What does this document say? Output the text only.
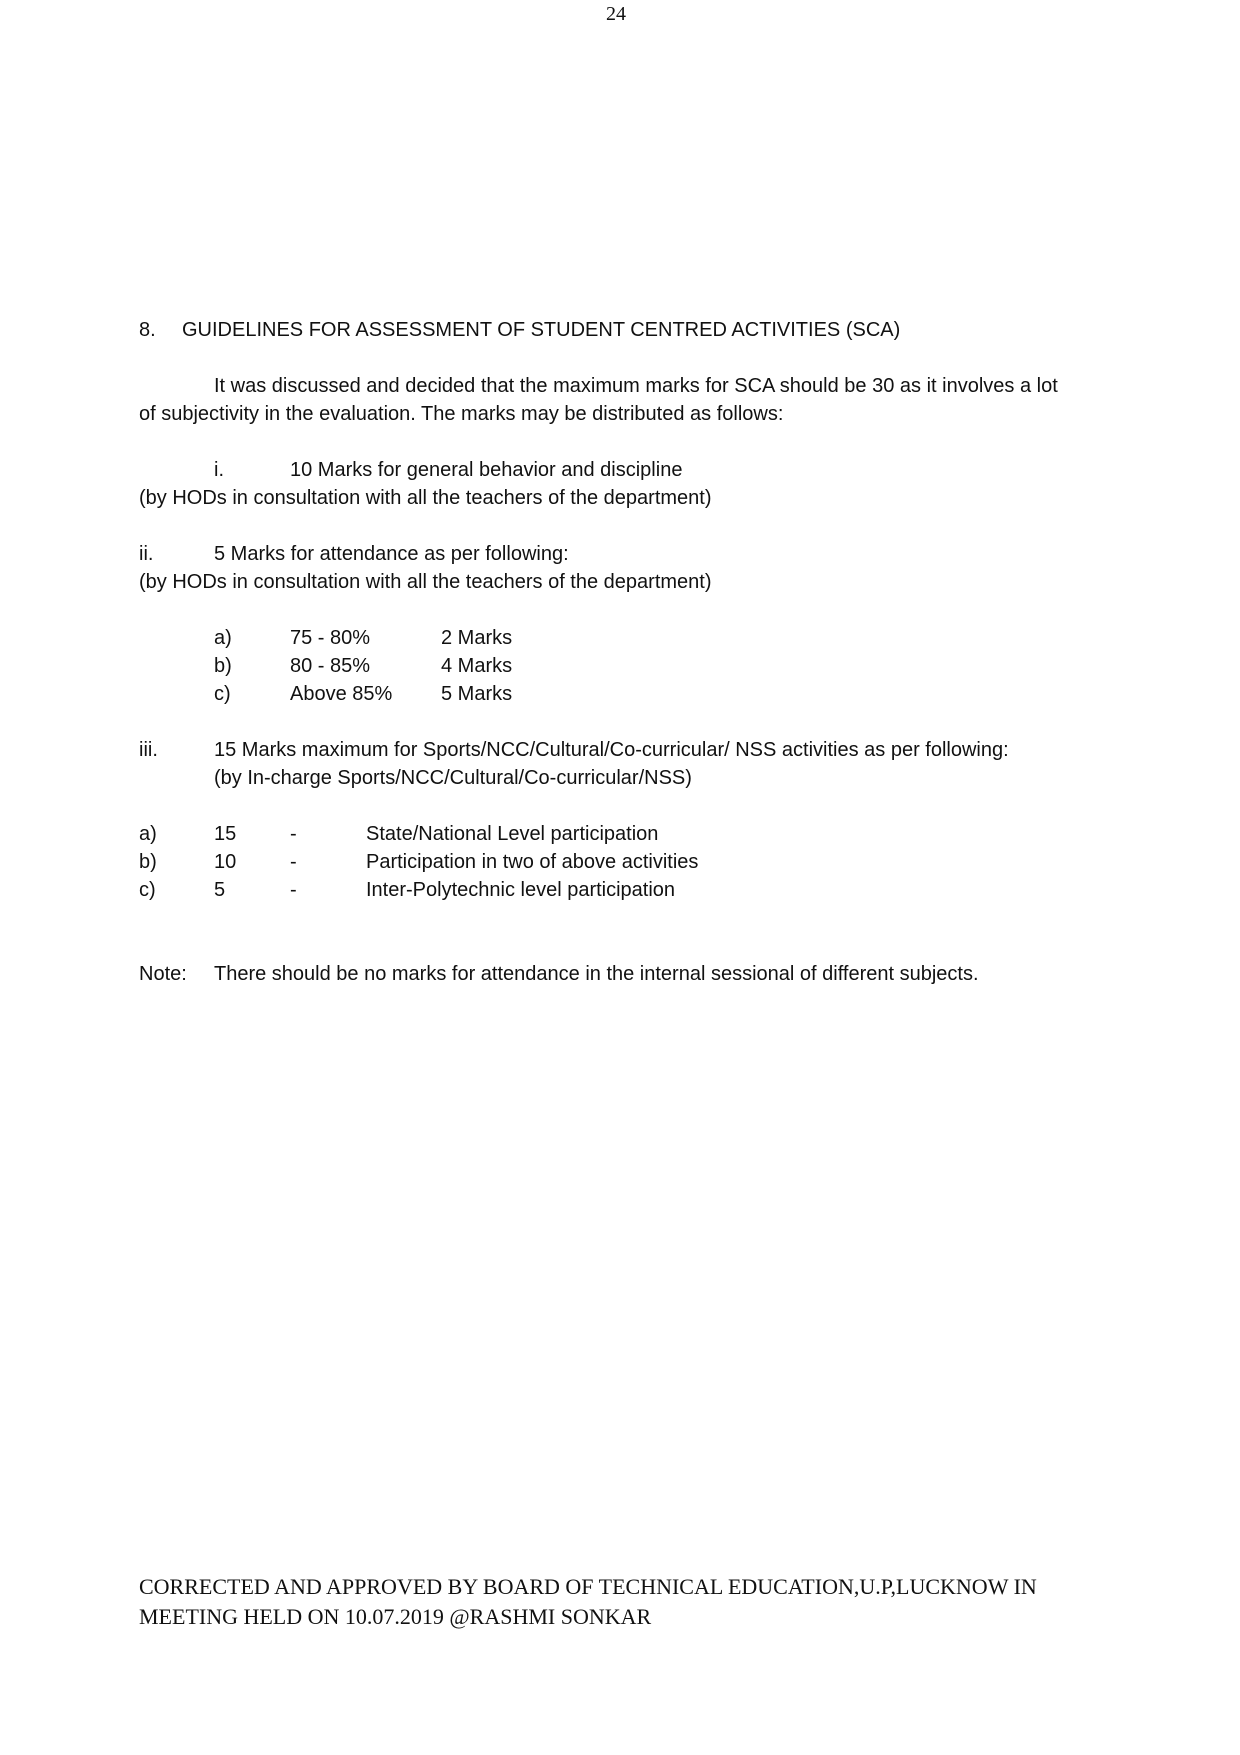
24
8. GUIDELINES FOR ASSESSMENT OF STUDENT CENTRED ACTIVITIES (SCA)
It was discussed and decided that the maximum marks for SCA should be 30 as it involves a lot
of subjectivity in the evaluation. The marks may be distributed as follows:
i.	10 Marks for general behavior and discipline
(by HODs in consultation with all the teachers of the department)
ii.	5 Marks for attendance as per following:
(by HODs in consultation with all the teachers of the department)
a)	75 - 80%	2 Marks
b)	80 - 85%	4 Marks
c)	Above 85% 5 Marks
iii.	15 Marks maximum for Sports/NCC/Cultural/Co-curricular/ NSS activities as per following:
(by In-charge Sports/NCC/Cultural/Co-curricular/NSS)
a)	15	-	State/National Level participation
b)	10	-	Participation in two of above activities
c)	5	-	Inter-Polytechnic level participation
Note: There should be no marks for attendance in the internal sessional of different subjects.
CORRECTED AND APPROVED BY BOARD OF TECHNICAL EDUCATION,U.P,LUCKNOW IN
MEETING HELD ON 10.07.2019 @RASHMI SONKAR
